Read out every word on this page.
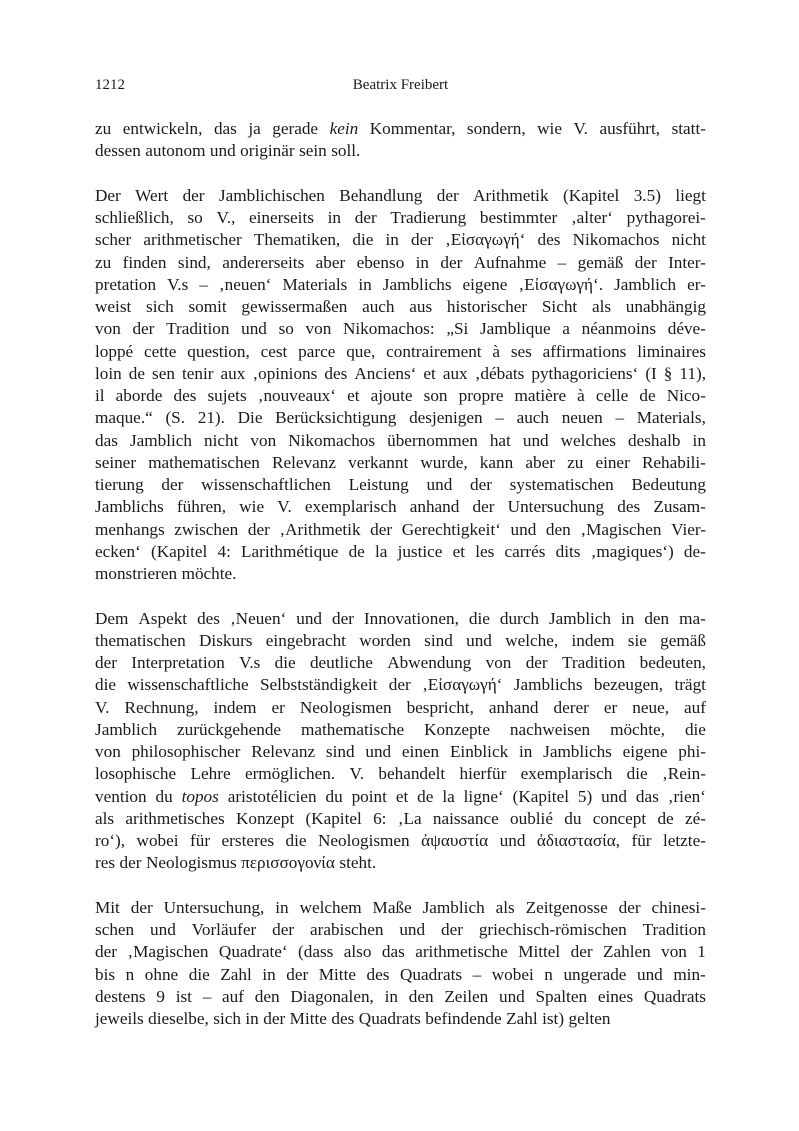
1212	Beatrix Freibert

zu entwickeln, das ja gerade kein Kommentar, sondern, wie V. ausführt, statt-
dessen autonom und originär sein soll.

Der Wert der Jamblichischen Behandlung der Arithmetik (Kapitel 3.5) liegt
schließlich, so V., einerseits in der Tradierung bestimmter ‚alter‘ pythagorei-
scher arithmetischer Thematiken, die in der ‚Εἰσαγωγή‘ des Nikomachos nicht
zu finden sind, andererseits aber ebenso in der Aufnahme – gemäß der Inter-
pretation V.s – ‚neuen‘ Materials in Jamblichs eigene ‚Εἰσαγωγή‘. Jamblich er-
weist sich somit gewissermaßen auch aus historischer Sicht als unabhängig
von der Tradition und so von Nikomachos: „Si Jamblique a néanmoins déve-
loppé cette question, cest parce que, contrairement à ses affirmations liminaires
loin de sen tenir aux ‚opinions des Anciens‘ et aux ‚débats pythagoriciens‘ (I § 11),
il aborde des sujets ‚nouveaux‘ et ajoute son propre matière à celle de Nico-
maque.“ (S. 21). Die Berücksichtigung desjenigen – auch neuen – Materials,
das Jamblich nicht von Nikomachos übernommen hat und welches deshalb in
seiner mathematischen Relevanz verkannt wurde, kann aber zu einer Rehabili-
tierung der wissenschaftlichen Leistung und der systematischen Bedeutung
Jamblichs führen, wie V. exemplarisch anhand der Untersuchung des Zusam-
menhangs zwischen der ‚Arithmetik der Gerechtigkeit‘ und den ‚Magischen Vier-
ecken‘ (Kapitel 4: Larithmétique de la justice et les carrés dits ‚magiques‘) de-
monstrieren möchte.

Dem Aspekt des ‚Neuen‘ und der Innovationen, die durch Jamblich in den ma-
thematischen Diskurs eingebracht worden sind und welche, indem sie gemäß
der Interpretation V.s die deutliche Abwendung von der Tradition bedeuten,
die wissenschaftliche Selbstständigkeit der ‚Εἰσαγωγή‘ Jamblichs bezeugen, trägt
V. Rechnung, indem er Neologismen bespricht, anhand derer er neue, auf
Jamblich zurückgehende mathematische Konzepte nachweisen möchte, die
von philosophischer Relevanz sind und einen Einblick in Jamblichs eigene phi-
losophische Lehre ermöglichen. V. behandelt hierfür exemplarisch die ‚Rein-
vention du topos aristotélicien du point et de la ligne‘ (Kapitel 5) und das ‚rien‘
als arithmetisches Konzept (Kapitel 6: ‚La naissance oublié du concept de zé-
ro‘), wobei für ersteres die Neologismen ἀψαυστία und ἀδιαστασία, für letzte-
res der Neologismus περισσογονία steht.

Mit der Untersuchung, in welchem Maße Jamblich als Zeitgenosse der chinesi-
schen und Vorläufer der arabischen und der griechisch-römischen Tradition
der ‚Magischen Quadrate‘ (dass also das arithmetische Mittel der Zahlen von 1
bis n ohne die Zahl in der Mitte des Quadrats – wobei n ungerade und min-
destens 9 ist – auf den Diagonalen, in den Zeilen und Spalten eines Quadrats
jeweils dieselbe, sich in der Mitte des Quadrats befindende Zahl ist) gelten
